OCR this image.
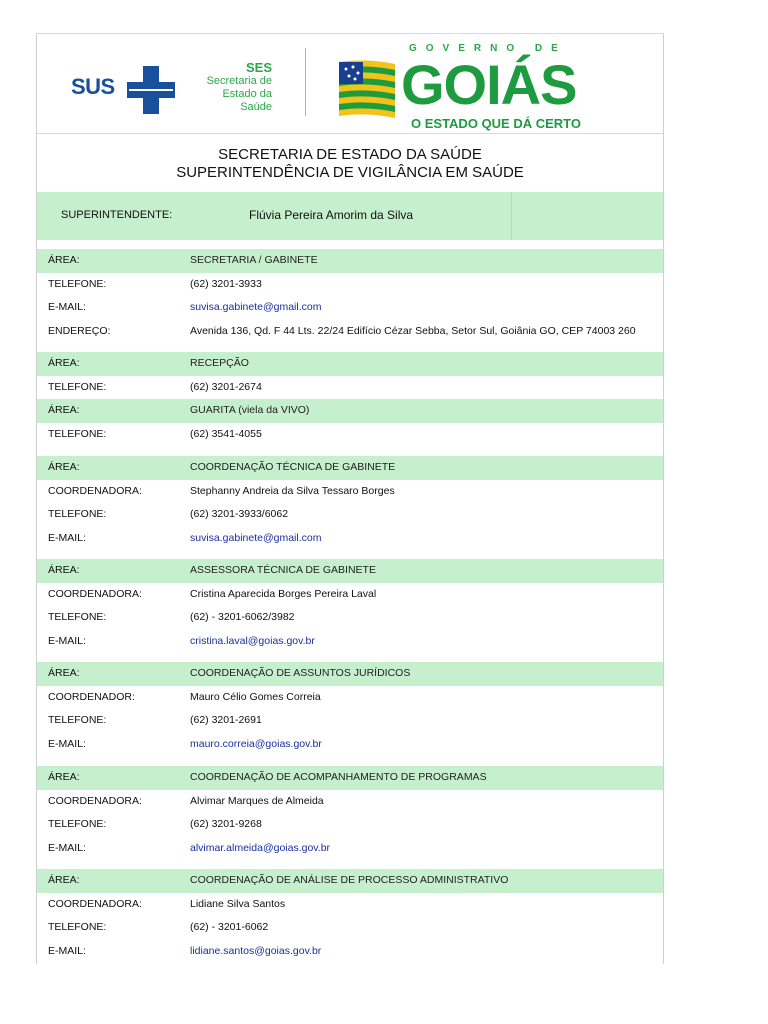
SUS
SES
Secretaria de
Estado da
Saúde
GOVERNO DE
GOIÁS
O ESTADO QUE DÁ CERTO
SECRETARIA DE ESTADO DA SAÚDE
SUPERINTENDÊNCIA DE VIGILÂNCIA EM SAÚDE
SUPERINTENDENTE:	Flúvia Pereira Amorim da Silva
ÁREA:	SECRETARIA / GABINETE
TELEFONE:	(62) 3201-3933
E-MAIL:	suvisa.gabinete@gmail.com
ENDEREÇO:	Avenida 136, Qd. F 44 Lts. 22/24 Edifício Cézar Sebba, Setor Sul, Goiânia GO, CEP 74003 260
ÁREA:	RECEPÇÃO
TELEFONE:	(62) 3201-2674
ÁREA:	GUARITA (viela da VIVO)
TELEFONE:	(62) 3541-4055
ÁREA:	COORDENAÇÃO TÉCNICA DE GABINETE
COORDENADORA:	Stephanny Andreia da Silva Tessaro Borges
TELEFONE:	(62) 3201-3933/6062
E-MAIL:	suvisa.gabinete@gmail.com
ÁREA:	ASSESSORA TÉCNICA DE GABINETE
COORDENADORA:	Cristina Aparecida Borges Pereira Laval
TELEFONE:	(62) - 3201-6062/3982
E-MAIL:	cristina.laval@goias.gov.br
ÁREA:	COORDENAÇÃO DE ASSUNTOS JURÍDICOS
COORDENADOR:	Mauro Célio Gomes Correia
TELEFONE:	(62) 3201-2691
E-MAIL:	mauro.correia@goias.gov.br
ÁREA:	COORDENAÇÃO DE ACOMPANHAMENTO DE PROGRAMAS
COORDENADORA:	Alvimar Marques de Almeida
TELEFONE:	(62) 3201-9268
E-MAIL:	alvimar.almeida@goias.gov.br
ÁREA:	COORDENAÇÃO DE ANÁLISE DE PROCESSO ADMINISTRATIVO
COORDENADORA:	Lidiane Silva Santos
TELEFONE:	(62) - 3201-6062
E-MAIL:	lidiane.santos@goias.gov.br
